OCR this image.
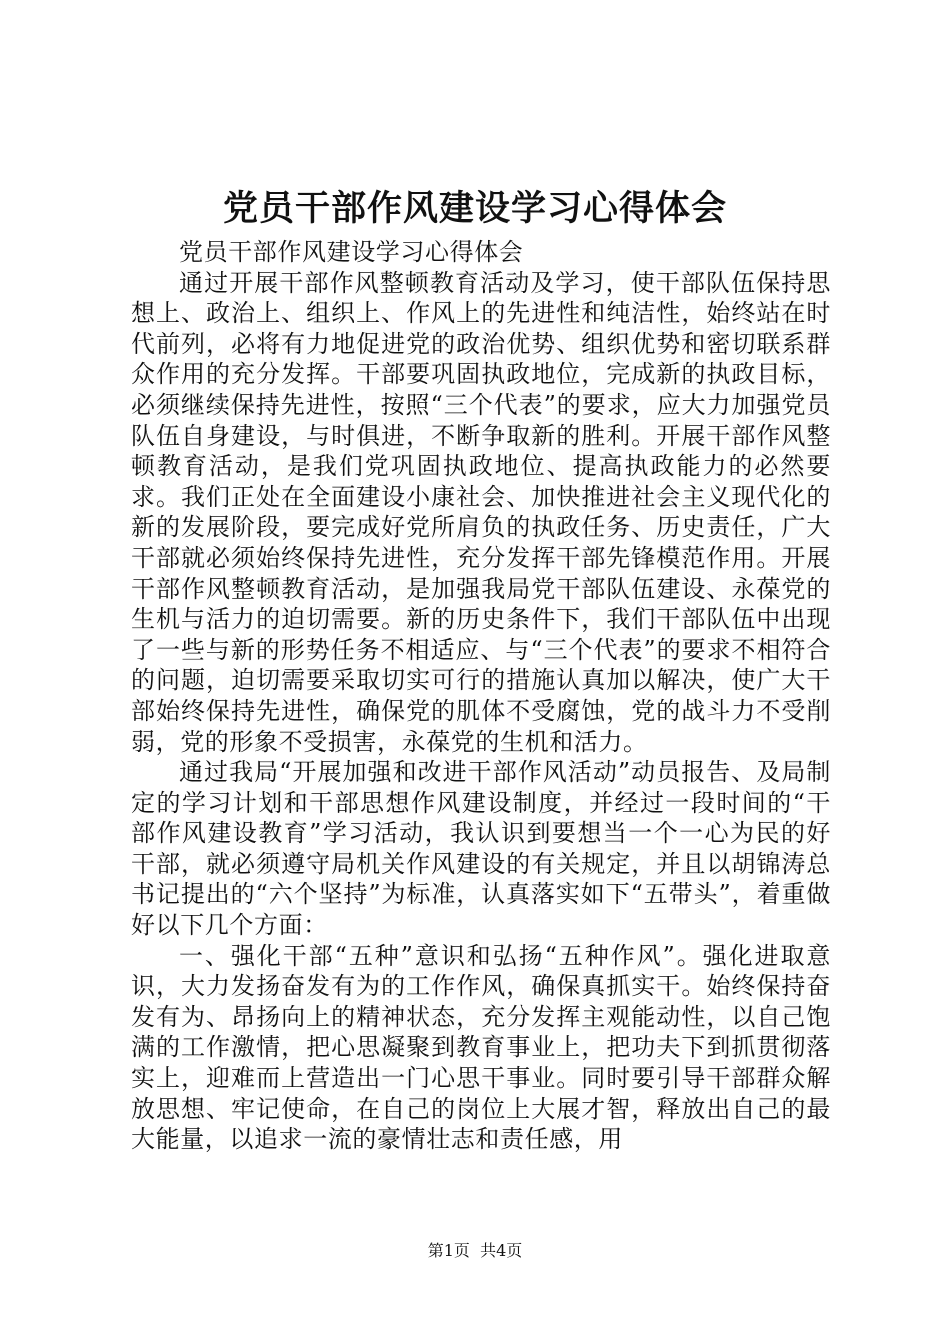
党员干部作风建设学习心得体会

党员干部作风建设学习心得体会

通过开展干部作风整顿教育活动及学习，使干部队伍保持思想上、政治上、组织上、作风上的先进性和纯洁性，始终站在时代前列，必将有力地促进党的政治优势、组织优势和密切联系群众作用的充分发挥。干部要巩固执政地位，完成新的执政目标，必须继续保持先进性，按照“三个代表”的要求，应大力加强党员队伍自身建设，与时俱进，不断争取新的胜利。开展干部作风整顿教育活动，是我们党巩固执政地位、提高执政能力的必然要求。我们正处在全面建设小康社会、加快推进社会主义现代化的新的发展阶段，要完成好党所肩负的执政任务、历史责任，广大干部就必须始终保持先进性，充分发挥干部先锋模范作用。开展干部作风整顿教育活动，是加强我局党干部队伍建设、永葆党的生机与活力的迫切需要。新的历史条件下，我们干部队伍中出现了一些与新的形势任务不相适应、与“三个代表”的要求不相符合的问题，迫切需要采取切实可行的措施认真加以解决，使广大干部始终保持先进性，确保党的肌体不受腐蚀，党的战斗力不受削弱，党的形象不受损害，永葆党的生机和活力。

通过我局“开展加强和改进干部作风活动”动员报告、及局制定的学习计划和干部思想作风建设制度，并经过一段时间的“干部作风建设教育”学习活动，我认识到要想当一个一心为民的好干部，就必须遵守局机关作风建设的有关规定，并且以胡锦涛总书记提出的“六个坚持”为标准，认真落实如下“五带头”，着重做好以下几个方面：

一、强化干部“五种”意识和弘扬“五种作风”。强化进取意识，大力发扬奋发有为的工作作风，确保真抓实干。始终保持奋发有为、昂扬向上的精神状态，充分发挥主观能动性，以自己饱满的工作激情，把心思凝聚到教育事业上，把功夫下到抓贯彻落实上，迎难而上营造出一门心思干事业。同时要引导干部群众解放思想、牢记使命，在自己的岗位上大展才智，释放出自己的最大能量，以追求一流的豪情壮志和责任感，用

第1页  共4页
